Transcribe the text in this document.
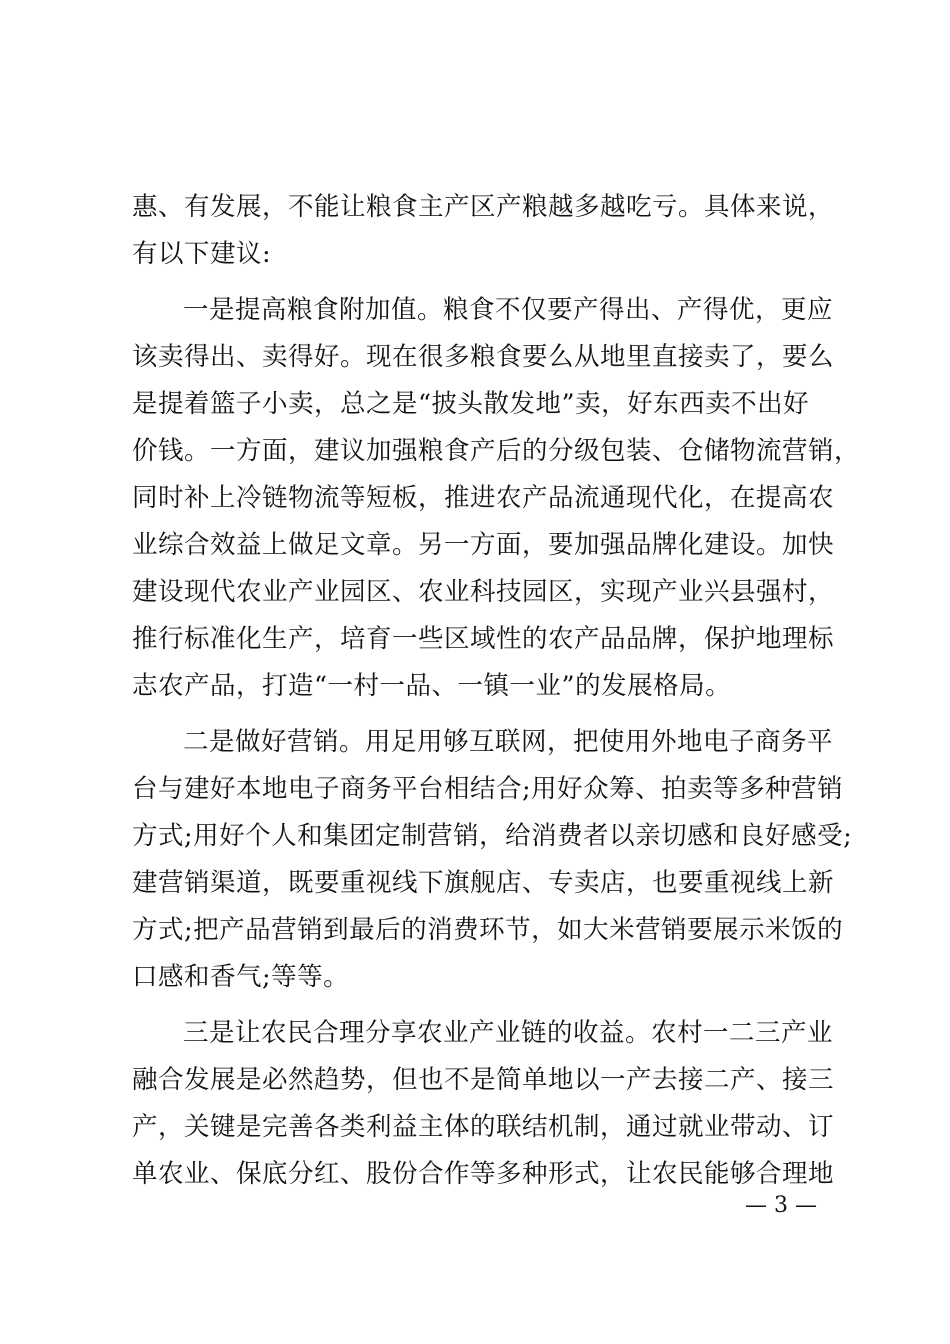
惠、有发展，不能让粮食主产区产粮越多越吃亏。具体来说，
有以下建议:
一是提高粮食附加值。粮食不仅要产得出、产得优，更应
该卖得出、卖得好。现在很多粮食要么从地里直接卖了，要么
是提着篮子小卖，总之是“披头散发地”卖，好东西卖不出好
价钱。一方面，建议加强粮食产后的分级包装、仓储物流营销，
同时补上冷链物流等短板，推进农产品流通现代化，在提高农
业综合效益上做足文章。另一方面，要加强品牌化建设。加快
建设现代农业产业园区、农业科技园区，实现产业兴县强村，
推行标准化生产，培育一些区域性的农产品品牌，保护地理标
志农产品，打造“一村一品、一镇一业”的发展格局。
二是做好营销。用足用够互联网，把使用外地电子商务平
台与建好本地电子商务平台相结合;用好众筹、拍卖等多种营销
方式;用好个人和集团定制营销，给消费者以亲切感和良好感受;
建营销渠道，既要重视线下旗舰店、专卖店，也要重视线上新
方式;把产品营销到最后的消费环节，如大米营销要展示米饭的
口感和香气;等等。
三是让农民合理分享农业产业链的收益。农村一二三产业
融合发展是必然趋势，但也不是简单地以一产去接二产、接三
产，关键是完善各类利益主体的联结机制，通过就业带动、订
单农业、保底分红、股份合作等多种形式，让农民能够合理地
— 3 —
